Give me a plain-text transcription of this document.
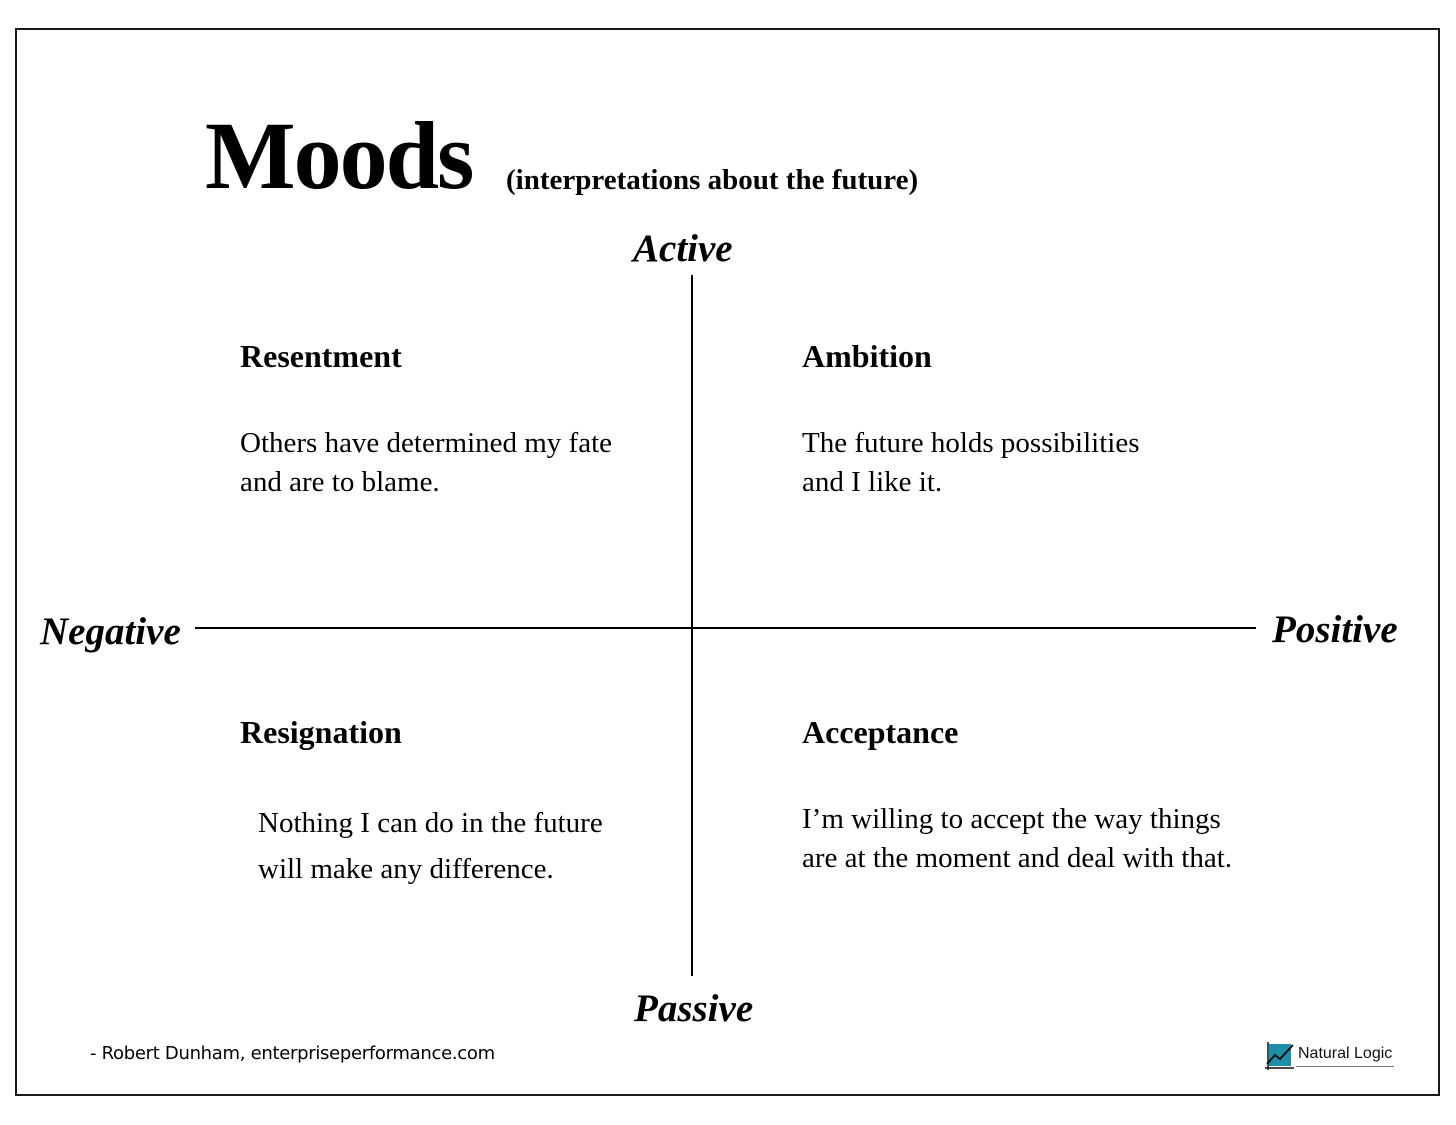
Moods (interpretations about the future)
Active
Passive
Negative	Positive
Resentment
Others have determined my fate
and are to blame.
Ambition
The future holds possibilities
and I like it.
Resignation
Nothing I can do in the future
will make any difference.
Acceptance
I’m willing to accept the way things
are at the moment and deal with that.
- Robert Dunham, enterpriseperformance.com	Natural Logic
